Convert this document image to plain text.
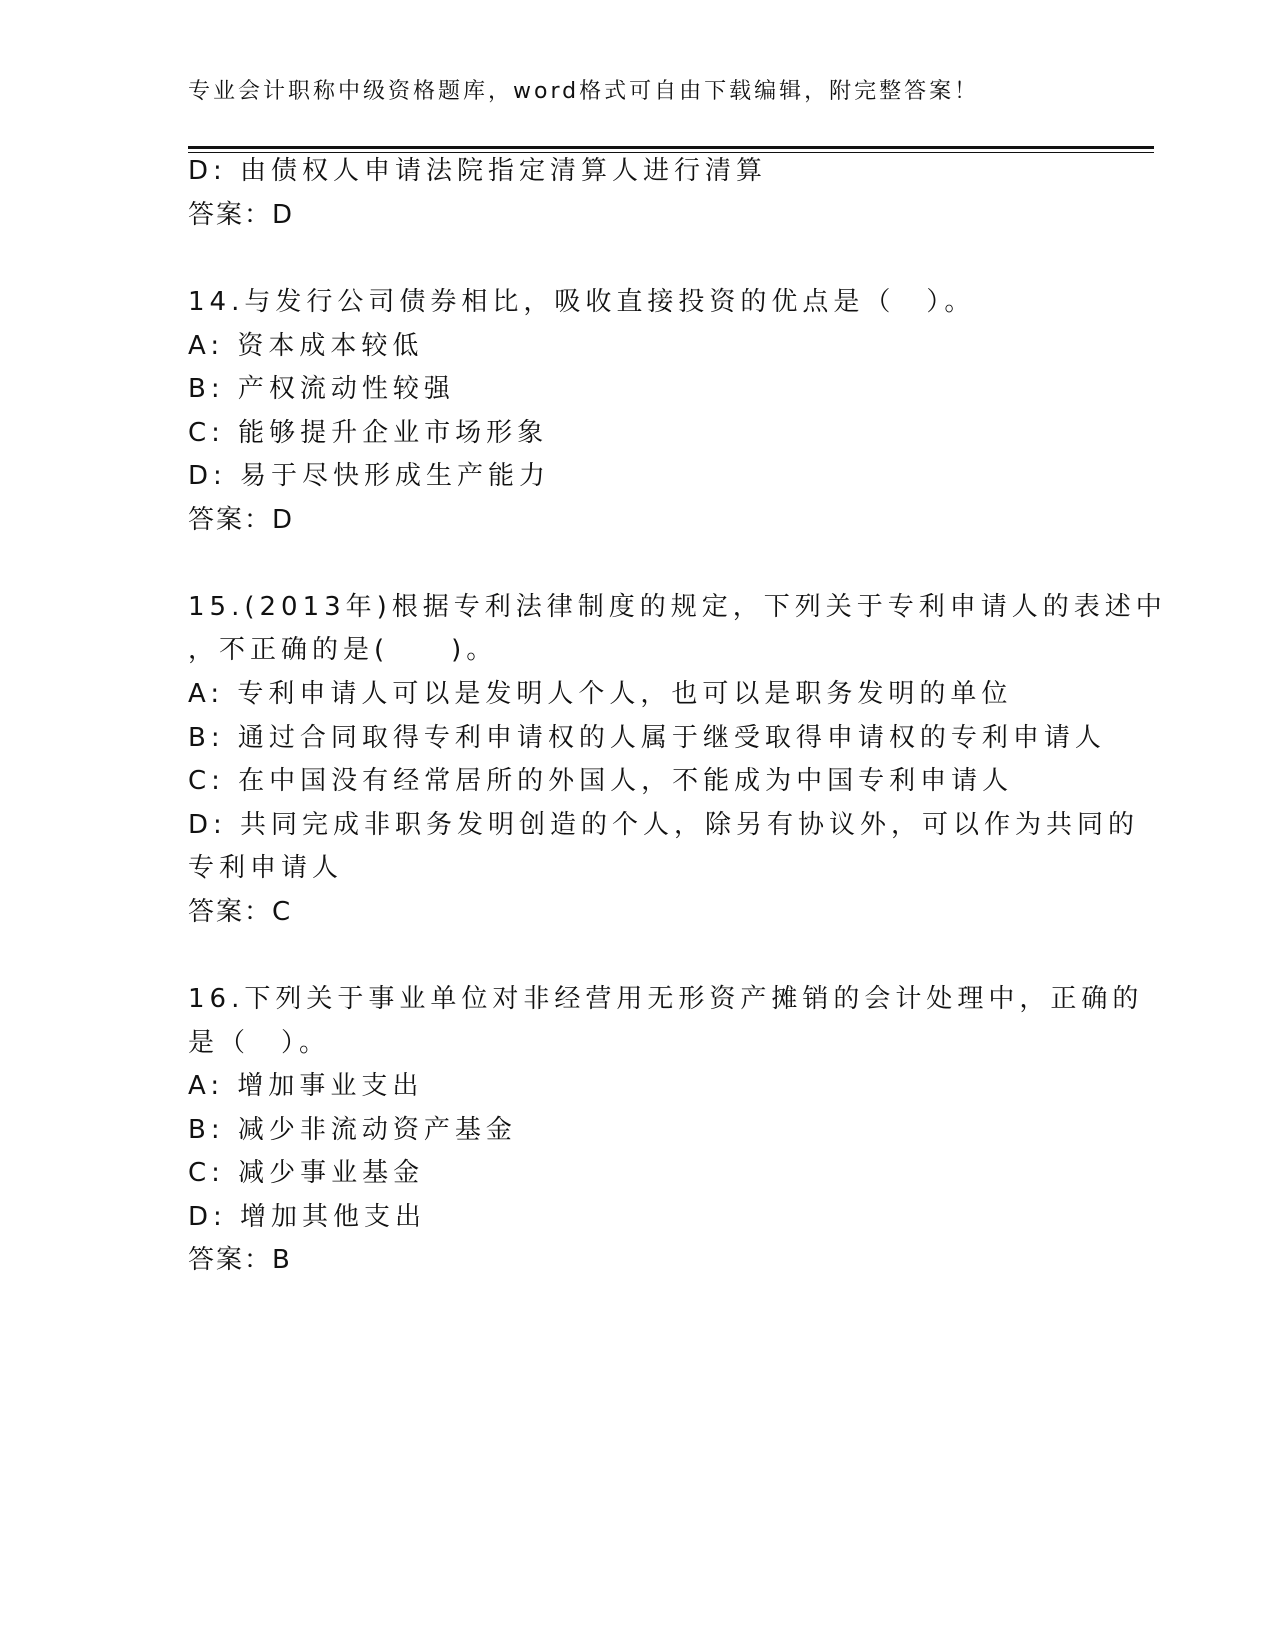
专业会计职称中级资格题库，word格式可自由下载编辑，附完整答案！
D: 由债权人申请法院指定清算人进行清算
答案：D
14.与发行公司债券相比，吸收直接投资的优点是（　）。
A: 资本成本较低
B: 产权流动性较强
C: 能够提升企业市场形象
D: 易于尽快形成生产能力
答案：D
15.(2013年)根据专利法律制度的规定，下列关于专利申请人的表述中
，不正确的是(　　)。
A: 专利申请人可以是发明人个人，也可以是职务发明的单位
B: 通过合同取得专利申请权的人属于继受取得申请权的专利申请人
C: 在中国没有经常居所的外国人，不能成为中国专利申请人
D: 共同完成非职务发明创造的个人，除另有协议外，可以作为共同的
专利申请人
答案：C
16.下列关于事业单位对非经营用无形资产摊销的会计处理中，正确的
是（　）。
A: 增加事业支出
B: 减少非流动资产基金
C: 减少事业基金
D: 增加其他支出
答案：B
